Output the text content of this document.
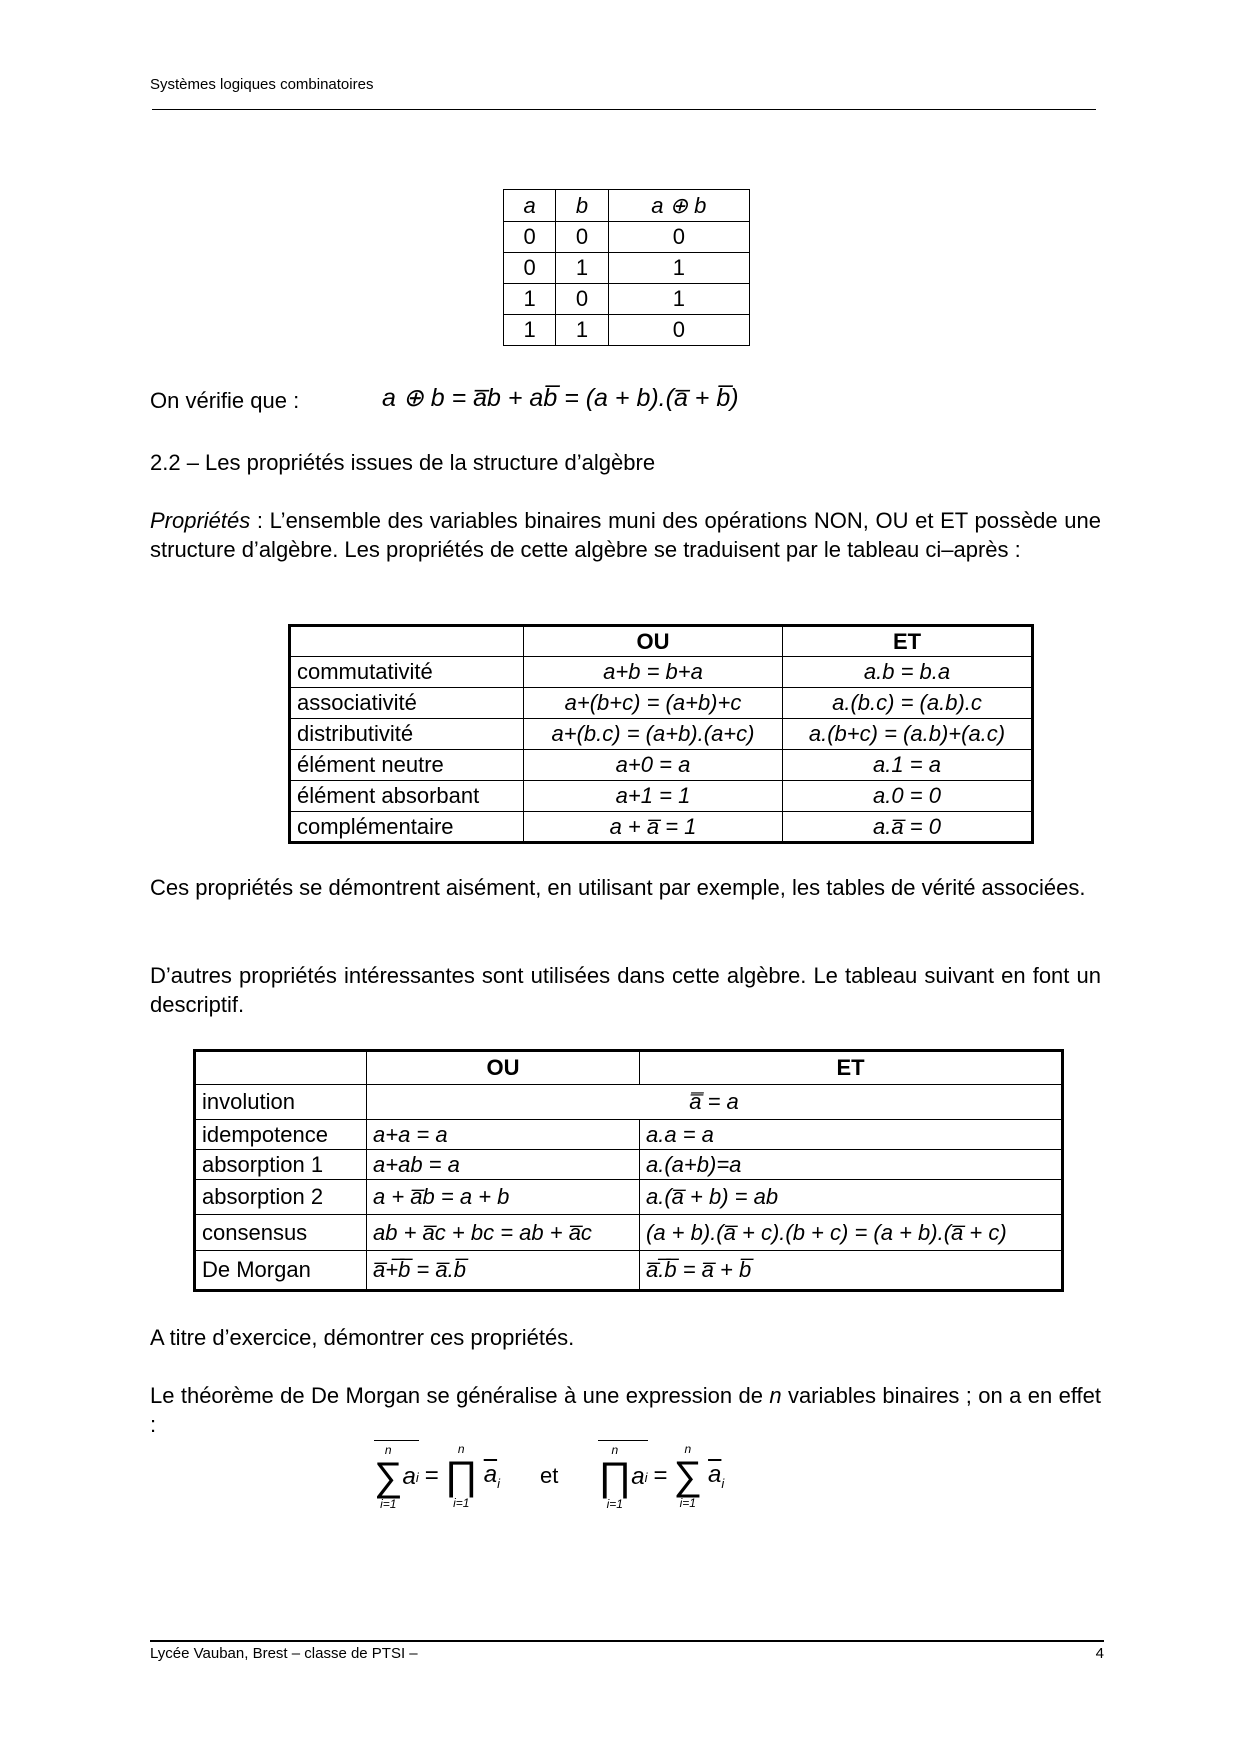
Systèmes logiques combinatoires
a	b	a ⊕ b
0	0	0
0	1	1
1	0	1
1	1	0
On vérifie que :	a ⊕ b = a̅b + ab̅ = (a + b).(a̅ + b̅)
2.2 – Les propriétés issues de la structure d’algèbre
Propriétés : L’ensemble des variables binaires muni des opérations NON, OU et ET possède une structure d’algèbre. Les propriétés de cette algèbre se traduisent par le tableau ci–après :
	OU	ET
commutativité	a+b = b+a	a.b = b.a
associativité	a+(b+c) = (a+b)+c	a.(b.c) = (a.b).c
distributivité	a+(b.c) = (a+b).(a+c)	a.(b+c) = (a.b)+(a.c)
élément neutre	a+0 = a	a.1 = a
élément absorbant	a+1 = 1	a.0 = 0
complémentaire	a + a̅ = 1	a.a̅ = 0
Ces propriétés se démontrent aisément, en utilisant par exemple, les tables de vérité associées.
D’autres propriétés intéressantes sont utilisées dans cette algèbre. Le tableau suivant en font un descriptif.
	OU	ET
involution	a̿ = a	
idempotence	a+a = a	a.a = a
absorption 1	a+ab = a	a.(a+b)=a
absorption 2	a + a̅b = a + b	a.(a̅ + b) = ab
consensus	ab + a̅c + bc = ab + a̅c	(a + b).(a̅ + c).(b + c) = (a + b).(a̅ + c)
De Morgan	a̅+̅b̅ = a̅.b̅	a̅.̅b̅ = a̅ + b̅
A titre d’exercice, démontrer ces propriétés.
Le théorème de De Morgan se généralise à une expression de n variables binaires ; on a en effet :
n
∑
i=1
a i =
n
∏
i=1
$\overline{a}_i$ et
n
∏
i=1
a i =
n
∑
i=1
$\overline{a}_i$
Lycée Vauban, Brest – classe de PTSI –	4
